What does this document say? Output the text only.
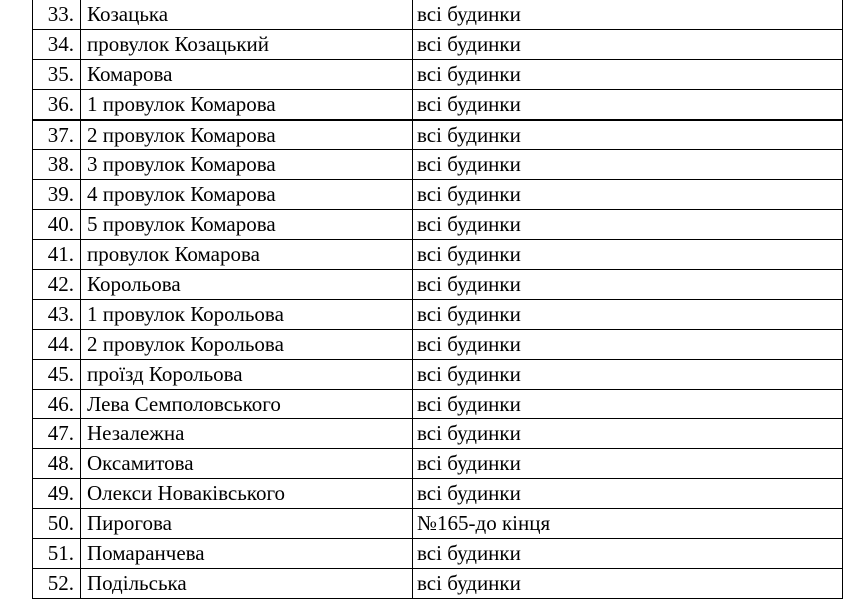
33.	Козацька	всі будинки
34.	провулок Козацький	всі будинки
35.	Комарова	всі будинки
36.	1 провулок Комарова	всі будинки
37.	2 провулок Комарова	всі будинки
38.	3 провулок Комарова	всі будинки
39.	4 провулок Комарова	всі будинки
40.	5 провулок Комарова	всі будинки
41.	провулок Комарова	всі будинки
42.	Корольова	всі будинки
43.	1 провулок Корольова	всі будинки
44.	2 провулок Корольова	всі будинки
45.	проїзд Корольова	всі будинки
46.	Лева Семполовського	всі будинки
47.	Незалежна	всі будинки
48.	Оксамитова	всі будинки
49.	Олекси Новаківського	всі будинки
50.	Пирогова	№165-до кінця
51.	Помаранчева	всі будинки
52.	Подільська	всі будинки
